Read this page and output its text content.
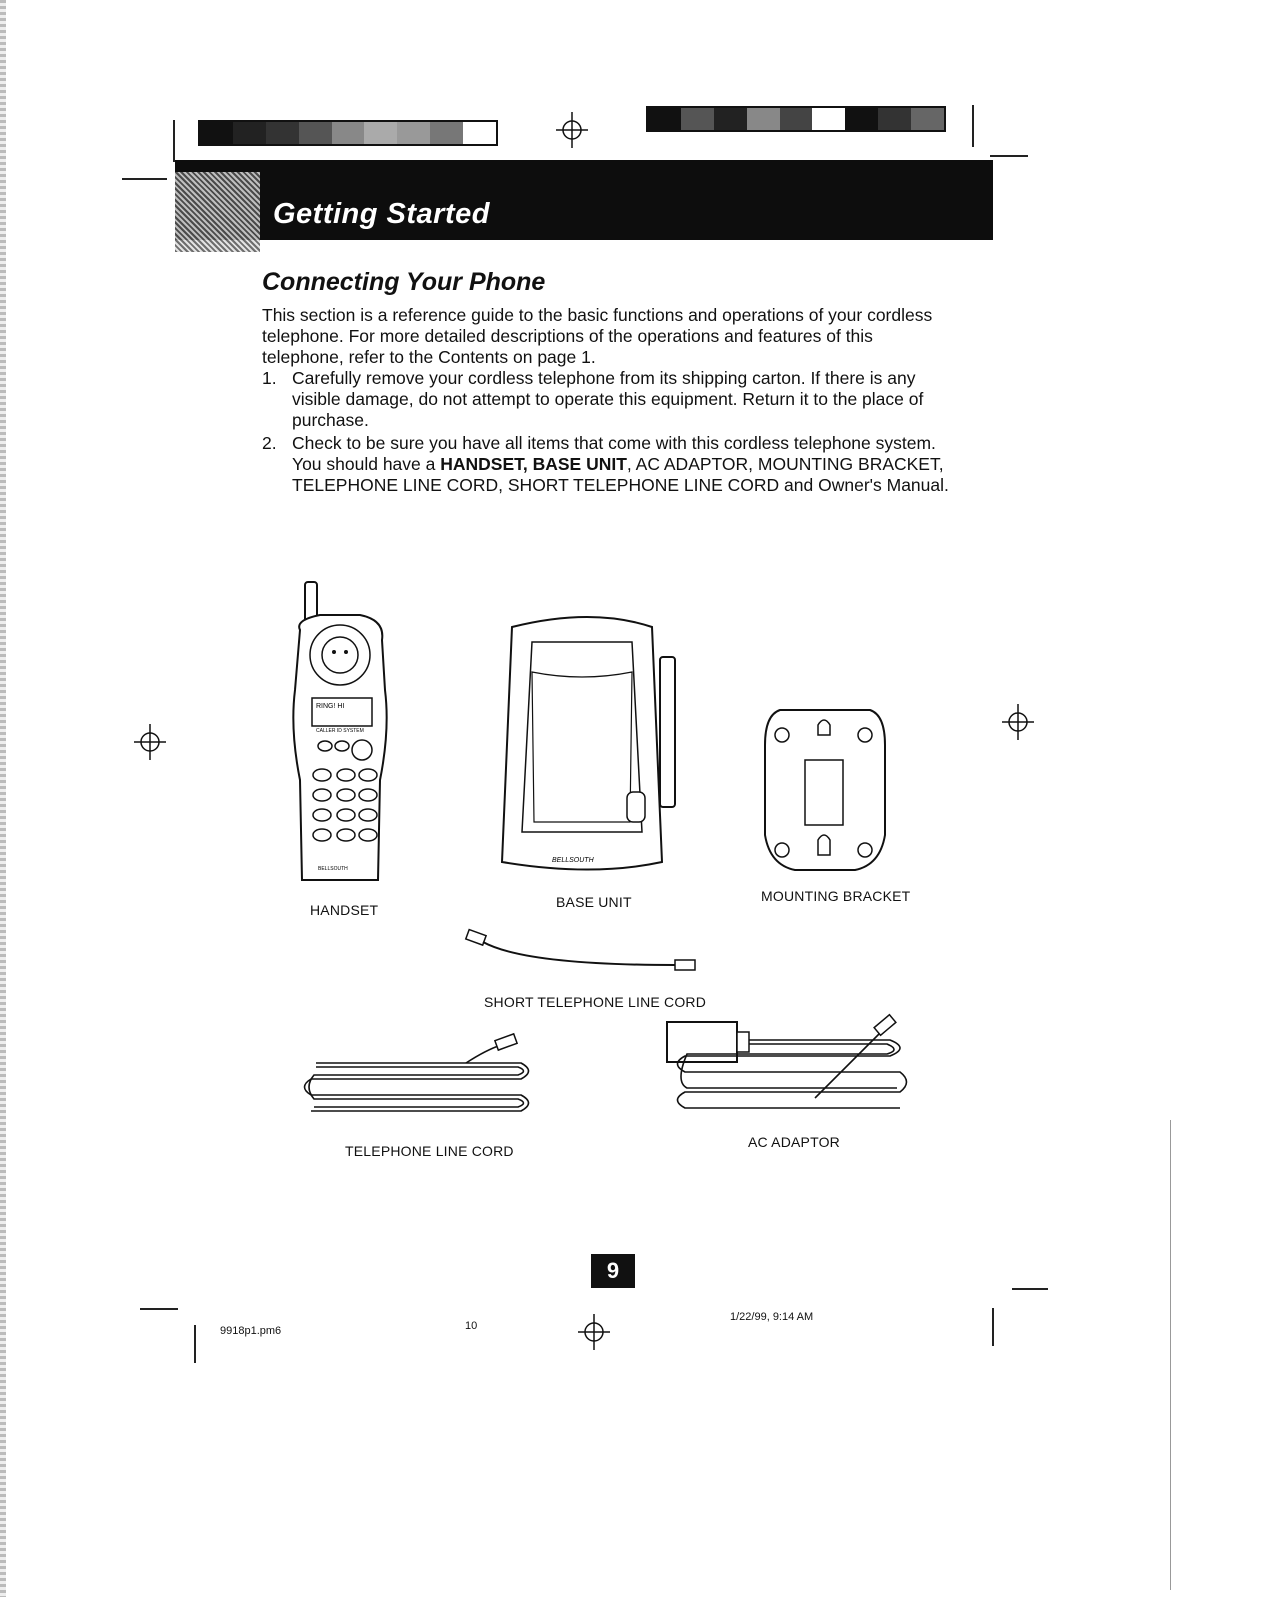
Getting Started
Connecting Your Phone
This section is a reference guide to the basic functions and operations of your cordless telephone. For more detailed descriptions of the operations and features of this telephone, refer to the Contents on page 1.
1. Carefully remove your cordless telephone from its shipping carton. If there is any visible damage, do not attempt to operate this equipment. Return it to the place of purchase.
2. Check to be sure you have all items that come with this cordless telephone system. You should have a HANDSET, BASE UNIT, AC ADAPTOR, MOUNTING BRACKET, TELEPHONE LINE CORD, SHORT TELEPHONE LINE CORD and Owner's Manual.
RING! HI
CALLER ID SYSTEM
BELLSOUTH
HANDSET
BELLSOUTH
BASE UNIT	MOUNTING BRACKET
SHORT TELEPHONE LINE CORD
TELEPHONE LINE CORD
AC ADAPTOR
9
9918p1.pm6	10
1/22/99, 9:14 AM
